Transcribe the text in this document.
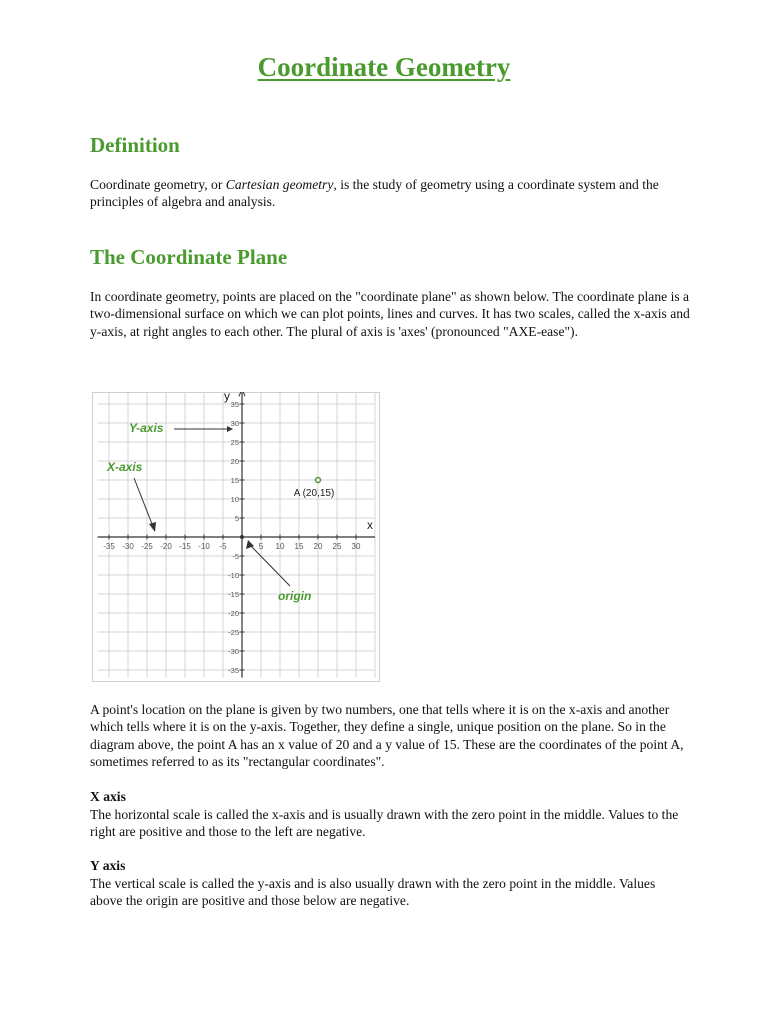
Coordinate Geometry
Definition

Coordinate geometry, or Cartesian geometry, is the study of geometry using a coordinate system and the principles of algebra and analysis.

The Coordinate Plane

In coordinate geometry, points are placed on the "coordinate plane" as shown below. The coordinate plane is a two-dimensional surface on which we can plot points, lines and curves. It has two scales, called the x-axis and y-axis, at right angles to each other. The plural of axis is 'axes' (pronounced "AXE-ease").

-35 -30 -25 -20 -15 -10 -5	5 10 15 20 25 30
35
30
25
20
15
10
5
-5
-10
-15
-20
-25
-30
-35
x
y
A (20,15)
Y-axis
X-axis
origin

A point's location on the plane is given by two numbers, one that tells where it is on the x-axis and another which tells where it is on the y-axis. Together, they define a single, unique position on the plane. So in the diagram above, the point A has an x value of 20 and a y value of 15. These are the coordinates of the point A, sometimes referred to as its "rectangular coordinates".

X axis

The horizontal scale is called the x-axis and is usually drawn with the zero point in the middle. Values to the right are positive and those to the left are negative.

Y axis

The vertical scale is called the y-axis and is also usually drawn with the zero point in the middle. Values above the origin are positive and those below are negative.
